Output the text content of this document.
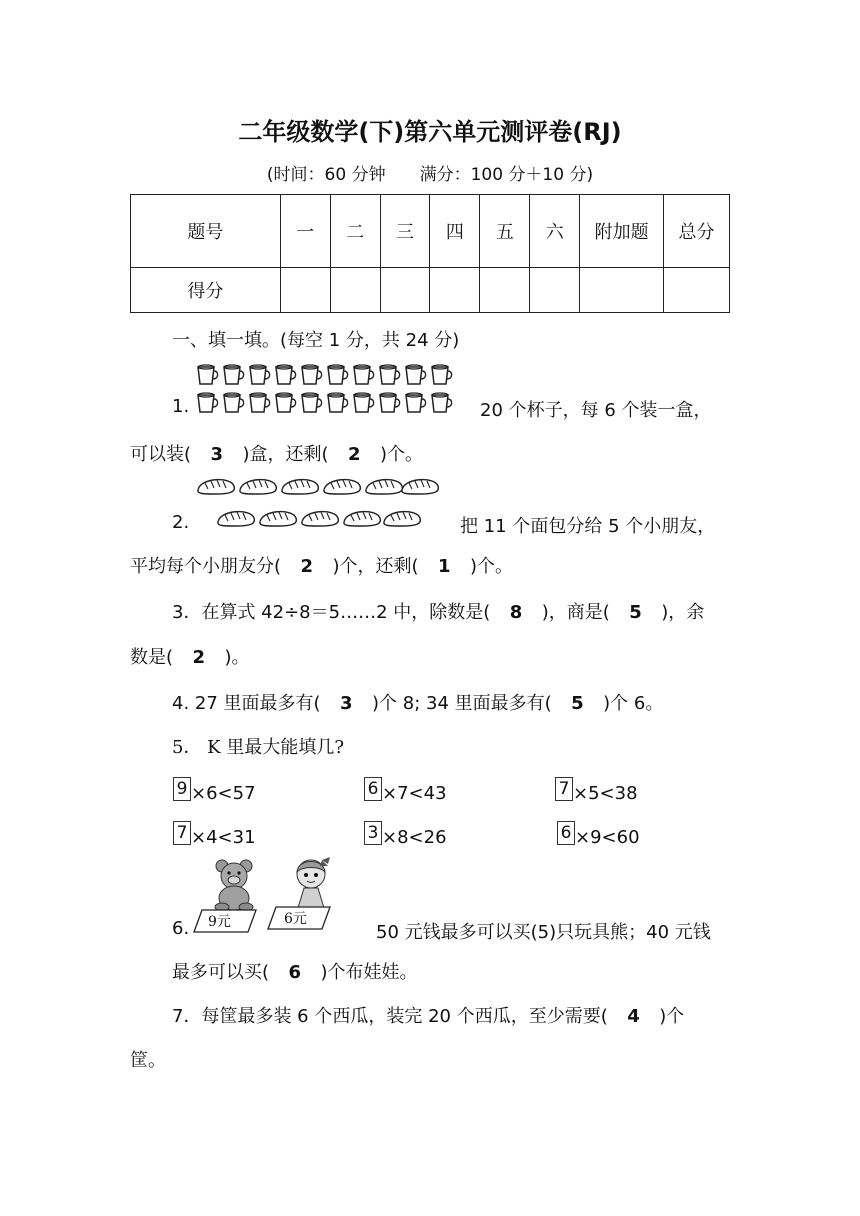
二年级数学(下)第六单元测评卷(RJ)
(时间：60 分钟　　满分：100 分＋10 分)
题号	一	二	三	四	五	六	附加题	总分
得分								
一、填一填。(每空 1 分，共 24 分)
1.	20 个杯子，每 6 个装一盒，
可以装( 3 )盒，还剩( 2 )个。
2.	把 11 个面包分给 5 个小朋友，
平均每个小朋友分( 2 )个，还剩( 1 )个。
3．在算式 42÷8＝5……2 中，除数是( 8 )，商是( 5 )，余
数是( 2 )。
4. 27 里面最多有( 3 )个 8; 34 里面最多有( 5 )个 6。
5． K 里最大能填几?
9 ×6<57	6 ×7<43	7 ×5<38
7 ×4<31	3 ×8<26	6 ×9<60
9元	6元
6.	50 元钱最多可以买(5)只玩具熊；40 元钱
最多可以买( 6 )个布娃娃。
7．每筐最多装 6 个西瓜，装完 20 个西瓜，至少需要( 4 )个
筐。
